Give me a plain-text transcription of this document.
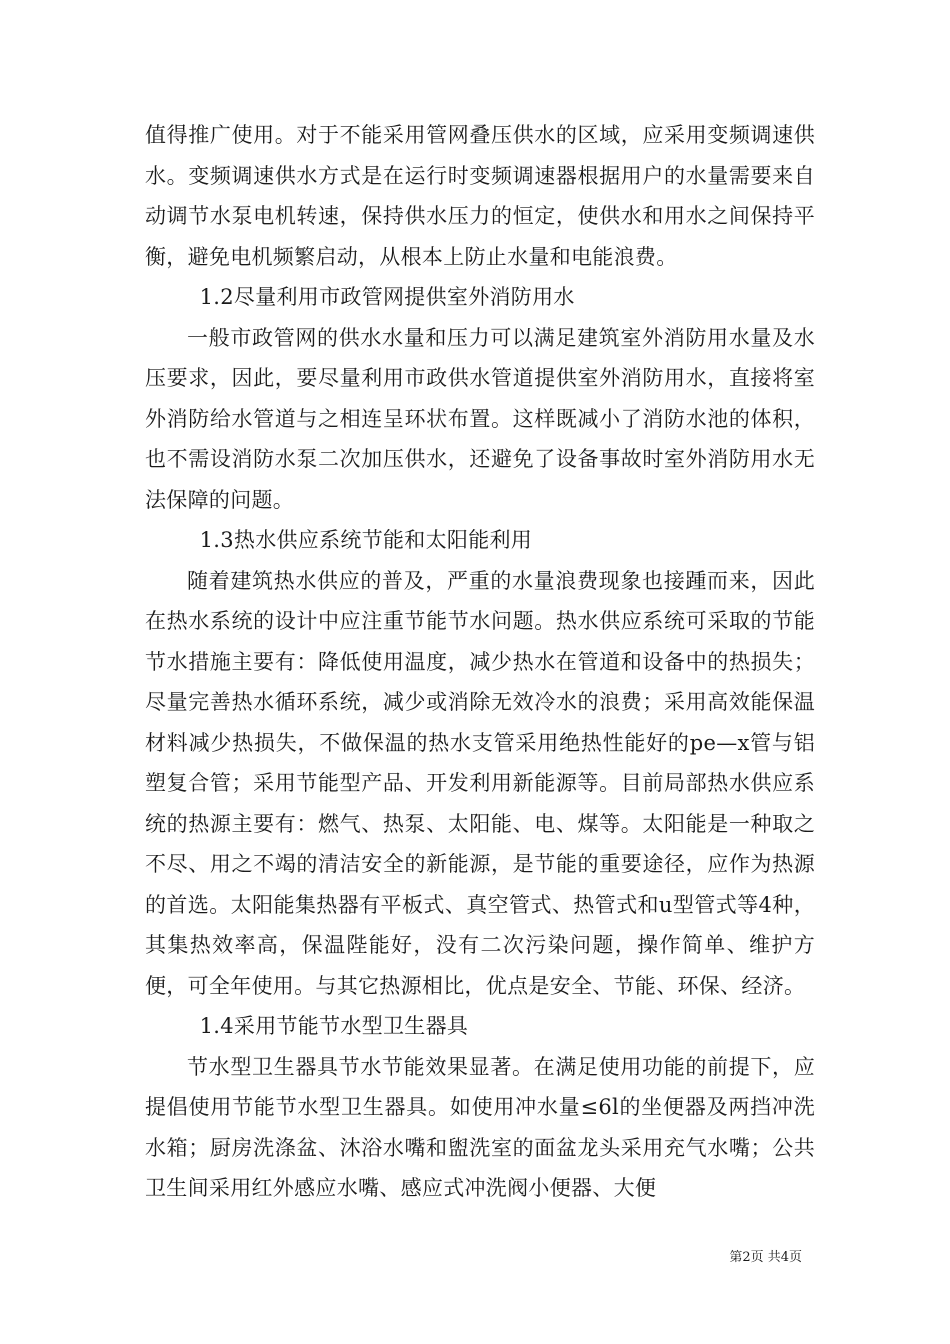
值得推广使用。对于不能采用管网叠压供水的区域，应采用变频调速供水。变频调速供水方式是在运行时变频调速器根据用户的水量需要来自动调节水泵电机转速，保持供水压力的恒定，使供水和用水之间保持平衡，避免电机频繁启动，从根本上防止水量和电能浪费。

1.2尽量利用市政管网提供室外消防用水

一般市政管网的供水水量和压力可以满足建筑室外消防用水量及水压要求，因此，要尽量利用市政供水管道提供室外消防用水，直接将室外消防给水管道与之相连呈环状布置。这样既减小了消防水池的体积，也不需设消防水泵二次加压供水，还避免了设备事故时室外消防用水无法保障的问题。

1.3热水供应系统节能和太阳能利用

随着建筑热水供应的普及，严重的水量浪费现象也接踵而来，因此在热水系统的设计中应注重节能节水问题。热水供应系统可采取的节能节水措施主要有：降低使用温度，减少热水在管道和设备中的热损失；尽量完善热水循环系统，减少或消除无效冷水的浪费；采用高效能保温材料减少热损失，不做保温的热水支管采用绝热性能好的pe—x管与铝塑复合管；采用节能型产品、开发利用新能源等。目前局部热水供应系统的热源主要有：燃气、热泵、太阳能、电、煤等。太阳能是一种取之不尽、用之不竭的清洁安全的新能源，是节能的重要途径，应作为热源的首选。太阳能集热器有平板式、真空管式、热管式和u型管式等4种，其集热效率高，保温陛能好，没有二次污染问题，操作简单、维护方便，可全年使用。与其它热源相比，优点是安全、节能、环保、经济。

1.4采用节能节水型卫生器具

节水型卫生器具节水节能效果显著。在满足使用功能的前提下，应提倡使用节能节水型卫生器具。如使用冲水量≤6l的坐便器及两挡冲洗水箱；厨房洗涤盆、沐浴水嘴和盥洗室的面盆龙头采用充气水嘴；公共卫生间采用红外感应水嘴、感应式冲洗阀小便器、大便

第2页 共4页
